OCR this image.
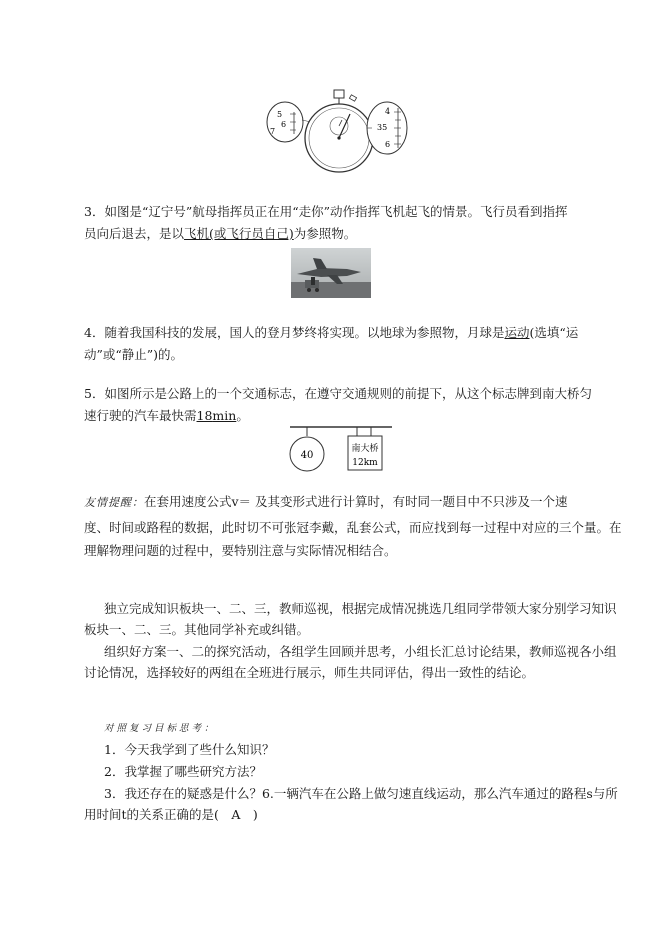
5
6
7
4
35
6
3．如图是“辽宁号”航母指挥员正在用“走你”动作指挥飞机起飞的情景。飞行员看到指挥
员向后退去，是以飞机(或飞行员自己)为参照物。
4．随着我国科技的发展，国人的登月梦终将实现。以地球为参照物，月球是运动(选填“运
动”或“静止”)的。
5．如图所示是公路上的一个交通标志，在遵守交通规则的前提下，从这个标志牌到南大桥匀
速行驶的汽车最快需18min。
40
南大桥
12km
友情提醒：在套用速度公式v＝ 及其变形式进行计算时，有时同一题目中不只涉及一个速
度、时间或路程的数据，此时切不可张冠李戴，乱套公式，而应找到每一过程中对应的三个量。在
理解物理问题的过程中，要特别注意与实际情况相结合。
独立完成知识板块一、二、三，教师巡视，根据完成情况挑选几组同学带领大家分别学习知识
板块一、二、三。其他同学补充或纠错。
组织好方案一、二的探究活动，各组学生回顾并思考，小组长汇总讨论结果，教师巡视各小组
讨论情况，选择较好的两组在全班进行展示，师生共同评估，得出一致性的结论。
对照复习目标思考：
1．今天我学到了些什么知识？
2．我掌握了哪些研究方法？
3．我还存在的疑惑是什么？6.一辆汽车在公路上做匀速直线运动，那么汽车通过的路程s与所
用时间t的关系正确的是(　A　)
